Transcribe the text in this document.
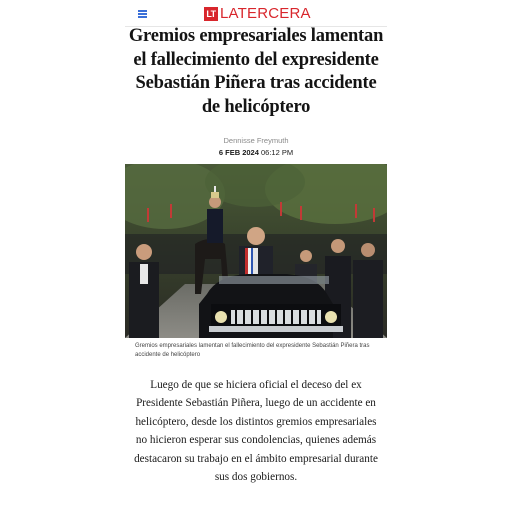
LT LATERCERA
Gremios empresariales lamentan el fallecimiento del expresidente Sebastián Piñera tras accidente de helicóptero
Dennisse Freymuth
6 FEB 2024 06:12 PM
Gremios empresariales lamentan el fallecimiento del expresidente Sebastián Piñera tras accidente de helicóptero

Luego de que se hiciera oficial el deceso del ex Presidente Sebastián Piñera, luego de un accidente en helicóptero, desde los distintos gremios empresariales no hicieron esperar sus condolencias, quienes además destacaron su trabajo en el ámbito empresarial durante sus dos gobiernos.
